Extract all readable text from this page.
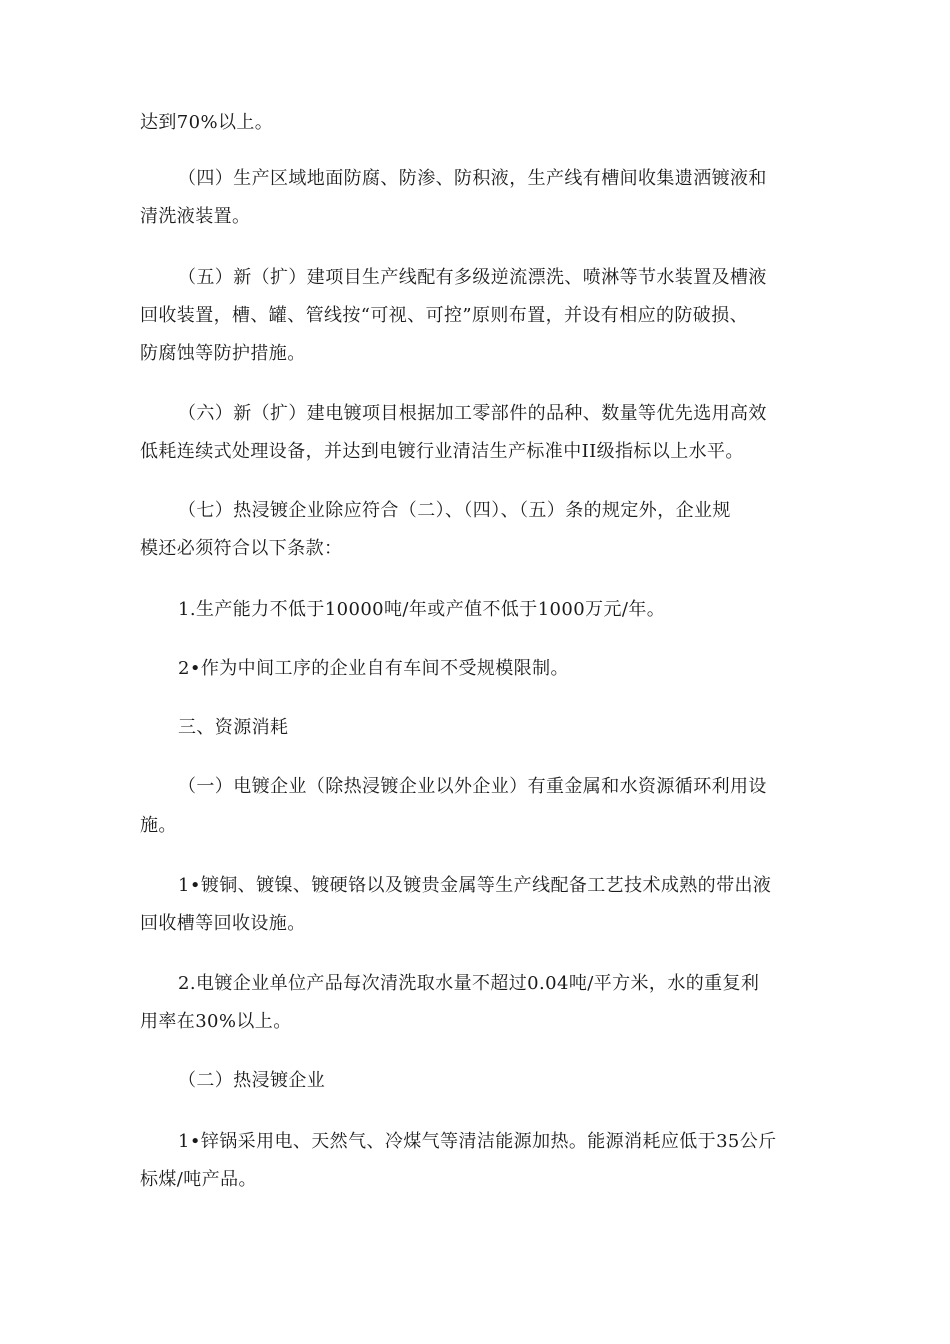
达到70%以上。
（四）生产区域地面防腐、防渗、防积液，生产线有槽间收集遗洒镀液和
清洗液装置。
（五）新（扩）建项目生产线配有多级逆流漂洗、喷淋等节水装置及槽液
回收装置，槽、罐、管线按“可视、可控”原则布置，并设有相应的防破损、
防腐蚀等防护措施。
（六）新（扩）建电镀项目根据加工零部件的品种、数量等优先选用高效
低耗连续式处理设备，并达到电镀行业清洁生产标准中II级指标以上水平。
（七）热浸镀企业除应符合（二）、（四）、（五）条的规定外，企业规
模还必须符合以下条款：
1.生产能力不低于10000吨/年或产值不低于1000万元/年。
2•作为中间工序的企业自有车间不受规模限制。
三、资源消耗
（一）电镀企业（除热浸镀企业以外企业）有重金属和水资源循环利用设
施。
1•镀铜、镀镍、镀硬铬以及镀贵金属等生产线配备工艺技术成熟的带出液
回收槽等回收设施。
2.电镀企业单位产品每次清洗取水量不超过0.04吨/平方米，水的重复利
用率在30%以上。
（二）热浸镀企业
1•锌锅采用电、天然气、冷煤气等清洁能源加热。能源消耗应低于35公斤
标煤/吨产品。
